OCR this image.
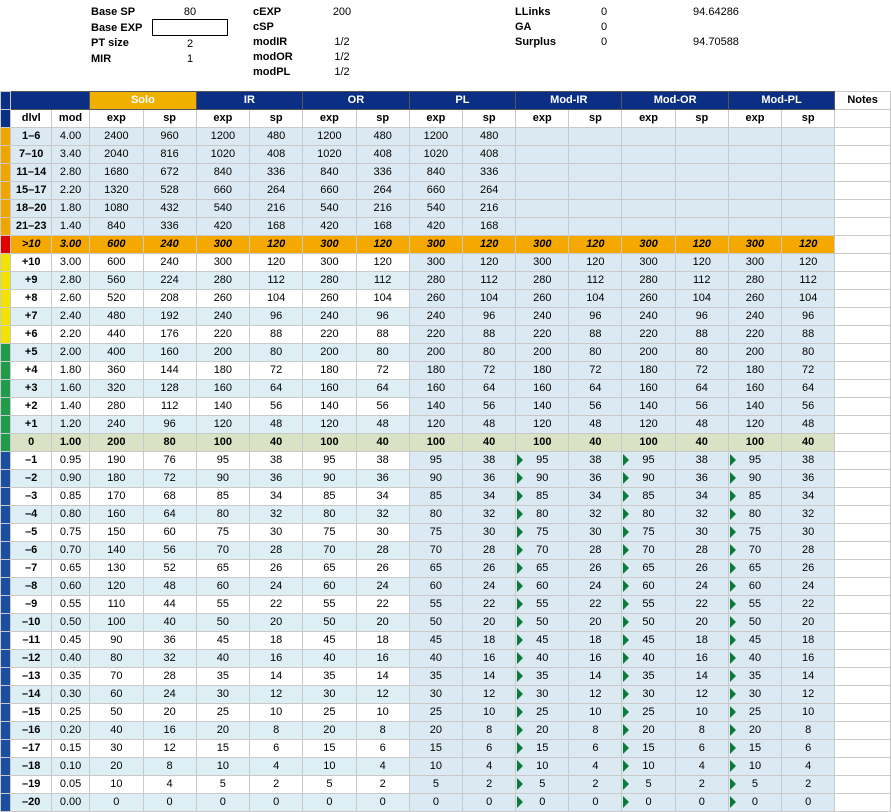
Base SP	80
Base EXP	
PT size	2
MIR	1
cEXP	200
cSP	
modIR	1/2
modOR	1/2
modPL	1/2
LLinks	0	94.64286
GA	0	
Surplus	0	94.70588
			Solo		IR		OR		PL		Mod-IR		Mod-OR		Mod-PL		Notes
	dlvl	mod	exp	sp	exp	sp	exp	sp	exp	sp	exp	sp	exp	sp	exp	sp	
	1–6	4.00	2400	960	1200	480	1200	480	1200	480							
	7–10	3.40	2040	816	1020	408	1020	408	1020	408							
	11–14	2.80	1680	672	840	336	840	336	840	336							
	15–17	2.20	1320	528	660	264	660	264	660	264							
	18–20	1.80	1080	432	540	216	540	216	540	216							
	21–23	1.40	840	336	420	168	420	168	420	168							
	>10	3.00	600	240	300	120	300	120	300	120	300	120	300	120	300	120	
	+10	3.00	600	240	300	120	300	120	300	120	300	120	300	120	300	120	
	+9	2.80	560	224	280	112	280	112	280	112	280	112	280	112	280	112	
	+8	2.60	520	208	260	104	260	104	260	104	260	104	260	104	260	104	
	+7	2.40	480	192	240	96	240	96	240	96	240	96	240	96	240	96	
	+6	2.20	440	176	220	88	220	88	220	88	220	88	220	88	220	88	
	+5	2.00	400	160	200	80	200	80	200	80	200	80	200	80	200	80	
	+4	1.80	360	144	180	72	180	72	180	72	180	72	180	72	180	72	
	+3	1.60	320	128	160	64	160	64	160	64	160	64	160	64	160	64	
	+2	1.40	280	112	140	56	140	56	140	56	140	56	140	56	140	56	
	+1	1.20	240	96	120	48	120	48	120	48	120	48	120	48	120	48	
	0	1.00	200	80	100	40	100	40	100	40	100	40	100	40	100	40	
	–1	0.95	190	76	95	38	95	38	95	38	95	38	95	38	95	38	
	–2	0.90	180	72	90	36	90	36	90	36	90	36	90	36	90	36	
	–3	0.85	170	68	85	34	85	34	85	34	85	34	85	34	85	34	
	–4	0.80	160	64	80	32	80	32	80	32	80	32	80	32	80	32	
	–5	0.75	150	60	75	30	75	30	75	30	75	30	75	30	75	30	
	–6	0.70	140	56	70	28	70	28	70	28	70	28	70	28	70	28	
	–7	0.65	130	52	65	26	65	26	65	26	65	26	65	26	65	26	
	–8	0.60	120	48	60	24	60	24	60	24	60	24	60	24	60	24	
	–9	0.55	110	44	55	22	55	22	55	22	55	22	55	22	55	22	
	–10	0.50	100	40	50	20	50	20	50	20	50	20	50	20	50	20	
	–11	0.45	90	36	45	18	45	18	45	18	45	18	45	18	45	18	
	–12	0.40	80	32	40	16	40	16	40	16	40	16	40	16	40	16	
	–13	0.35	70	28	35	14	35	14	35	14	35	14	35	14	35	14	
	–14	0.30	60	24	30	12	30	12	30	12	30	12	30	12	30	12	
	–15	0.25	50	20	25	10	25	10	25	10	25	10	25	10	25	10	
	–16	0.20	40	16	20	8	20	8	20	8	20	8	20	8	20	8	
	–17	0.15	30	12	15	6	15	6	15	6	15	6	15	6	15	6	
	–18	0.10	20	8	10	4	10	4	10	4	10	4	10	4	10	4	
	–19	0.05	10	4	5	2	5	2	5	2	5	2	5	2	5	2	
	–20	0.00	0	0	0	0	0	0	0	0	0	0	0	0	0	0	
